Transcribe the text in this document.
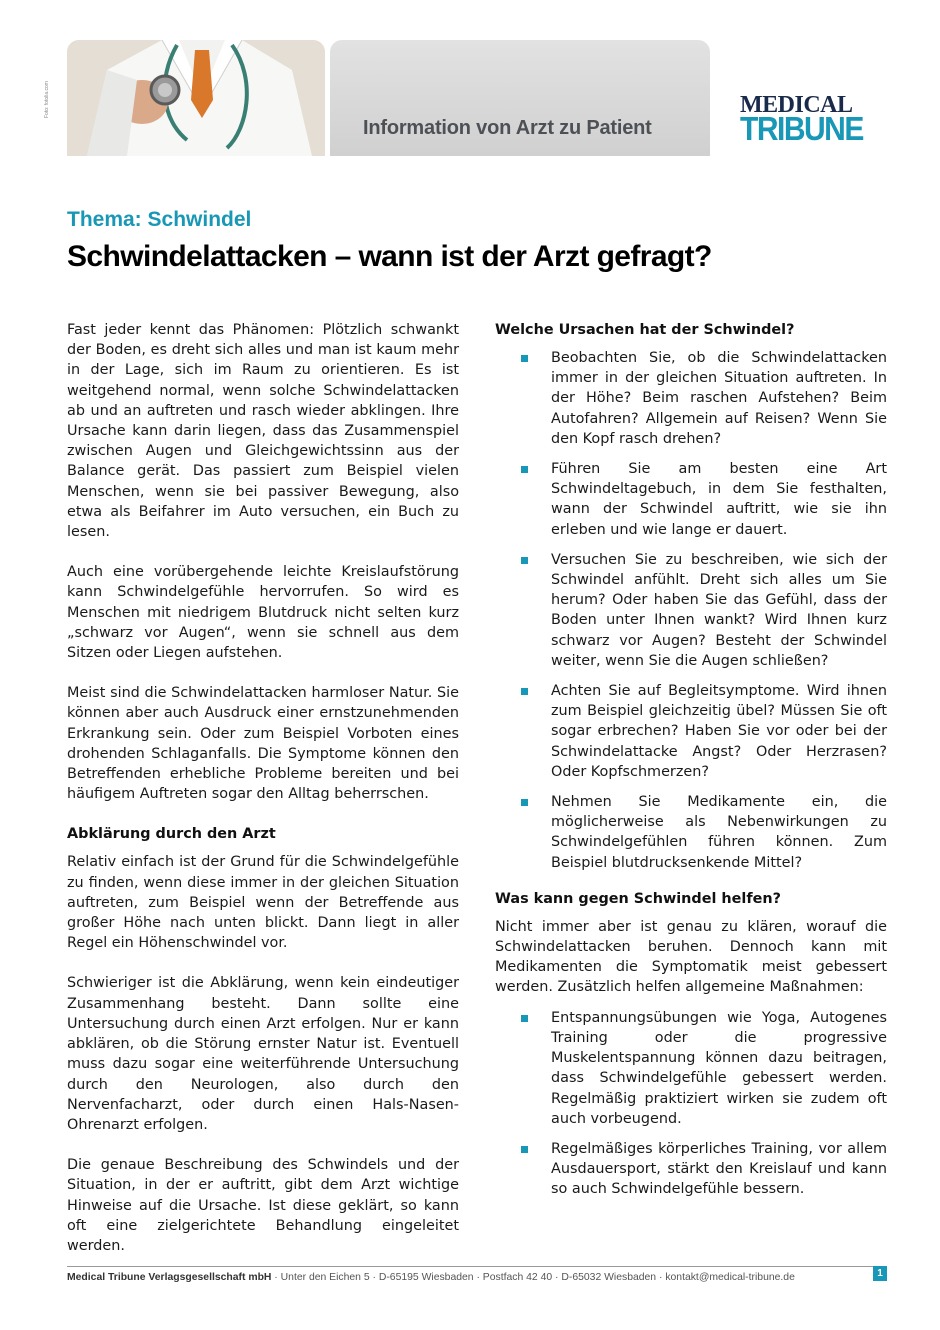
Foto: fotolia.com
Information von Arzt zu Patient
MEDICAL
TRIBUNE
Thema: Schwindel
Schwindelattacken – wann ist der Arzt gefragt?

Fast jeder kennt das Phänomen: Plötzlich schwankt der Boden, es dreht sich alles und man ist kaum mehr in der Lage, sich im Raum zu orientieren. Es ist weitgehend normal, wenn solche Schwindelattacken ab und an auftreten und rasch wieder abklingen. Ihre Ursache kann darin liegen, dass das Zusammenspiel zwischen Augen und Gleichgewichtssinn aus der Balance gerät. Das passiert zum Beispiel vielen Menschen, wenn sie bei passiver Bewegung, also etwa als Beifahrer im Auto versuchen, ein Buch zu lesen.

Auch eine vorübergehende leichte Kreislaufstörung kann Schwindelgefühle hervorrufen. So wird es Menschen mit niedrigem Blutdruck nicht selten kurz „schwarz vor Augen“, wenn sie schnell aus dem Sitzen oder Liegen aufstehen.

Meist sind die Schwindelattacken harmloser Natur. Sie können aber auch Ausdruck einer ernstzunehmenden Erkrankung sein. Oder zum Beispiel Vorboten eines drohenden Schlaganfalls. Die Symptome können den Betreffenden erhebliche Probleme bereiten und bei häufigem Auftreten sogar den Alltag beherrschen.

Abklärung durch den Arzt

Relativ einfach ist der Grund für die Schwindelgefühle zu finden, wenn diese immer in der gleichen Situation auftreten, zum Beispiel wenn der Betreffende aus großer Höhe nach unten blickt. Dann liegt in aller Regel ein Höhenschwindel vor.

Schwieriger ist die Abklärung, wenn kein eindeutiger Zusammenhang besteht. Dann sollte eine Untersuchung durch einen Arzt erfolgen. Nur er kann abklären, ob die Störung ernster Natur ist. Eventuell muss dazu sogar eine weiterführende Untersuchung durch den Neurologen, also durch den Nervenfacharzt, oder durch einen Hals-Nasen-Ohrenarzt erfolgen.

Die genaue Beschreibung des Schwindels und der Situation, in der er auftritt, gibt dem Arzt wichtige Hinweise auf die Ursache. Ist diese geklärt, so kann oft eine zielgerichtete Behandlung eingeleitet werden.

Welche Ursachen hat der Schwindel?
Beobachten Sie, ob die Schwindelattacken immer in der gleichen Situation auftreten. In der Höhe? Beim raschen Aufstehen? Beim Autofahren? Allgemein auf Reisen? Wenn Sie den Kopf rasch drehen?
Führen Sie am besten eine Art Schwindeltagebuch, in dem Sie festhalten, wann der Schwindel auftritt, wie sie ihn erleben und wie lange er dauert.
Versuchen Sie zu beschreiben, wie sich der Schwindel anfühlt. Dreht sich alles um Sie herum? Oder haben Sie das Gefühl, dass der Boden unter Ihnen wankt? Wird Ihnen kurz schwarz vor Augen? Besteht der Schwindel weiter, wenn Sie die Augen schließen?
Achten Sie auf Begleitsymptome. Wird ihnen zum Beispiel gleichzeitig übel? Müssen Sie oft sogar erbrechen? Haben Sie vor oder bei der Schwindelattacke Angst? Oder Herzrasen? Oder Kopfschmerzen?
Nehmen Sie Medikamente ein, die möglicherweise als Nebenwirkungen zu Schwindelgefühlen führen können. Zum Beispiel blutdrucksenkende Mittel?
Was kann gegen Schwindel helfen?

Nicht immer aber ist genau zu klären, worauf die Schwindelattacken beruhen. Dennoch kann mit Medikamenten die Symptomatik meist gebessert werden. Zusätzlich helfen allgemeine Maßnahmen:

Entspannungsübungen wie Yoga, Autogenes Training oder die progressive Muskelentspannung können dazu beitragen, dass Schwindelgefühle gebessert werden. Regelmäßig praktiziert wirken sie zudem oft auch vorbeugend.
Regelmäßiges körperliches Training, vor allem Ausdauersport, stärkt den Kreislauf und kann so auch Schwindelgefühle bessern.
Medical Tribune Verlagsgesellschaft mbH · Unter den Eichen 5 · D-65195 Wiesbaden · Postfach 42 40 · D-65032 Wiesbaden · kontakt@medical-tribune.de	1
